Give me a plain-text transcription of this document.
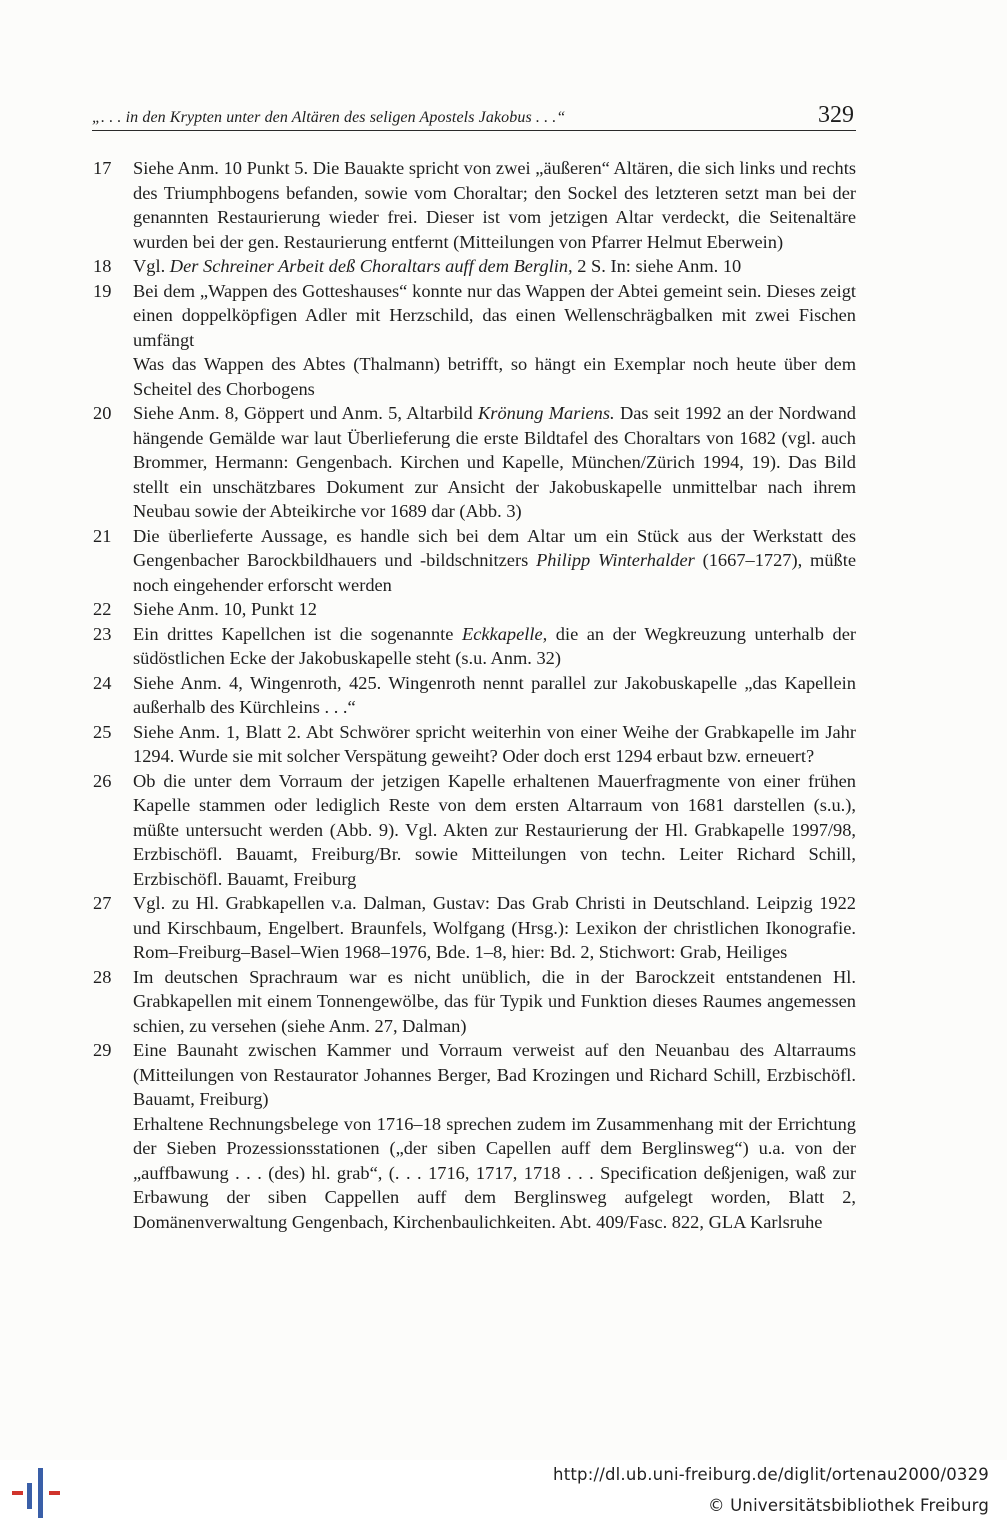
„. . . in den Krypten unter den Altären des seligen Apostels Jakobus . . .“	329
17	Siehe Anm. 10 Punkt 5. Die Bauakte spricht von zwei „äußeren“ Altären, die sich links und rechts des Triumphbogens befanden, sowie vom Choraltar; den Sockel des letzteren setzt man bei der genannten Restaurierung wieder frei. Dieser ist vom jetzigen Altar verdeckt, die Seitenaltäre wurden bei der gen. Restaurierung entfernt (Mitteilungen von Pfarrer Helmut Eberwein)

18	Vgl. Der Schreiner Arbeit deß Choraltars auff dem Berglin, 2 S. In: siehe Anm. 10

19	Bei dem „Wappen des Gotteshauses“ konnte nur das Wappen der Abtei gemeint sein. Dieses zeigt einen doppelköpfigen Adler mit Herzschild, das einen Wellenschrägbalken mit zwei Fischen umfängt

Was das Wappen des Abtes (Thalmann) betrifft, so hängt ein Exemplar noch heute über dem Scheitel des Chorbogens

20	Siehe Anm. 8, Göppert und Anm. 5, Altarbild Krönung Mariens. Das seit 1992 an der Nordwand hängende Gemälde war laut Überlieferung die erste Bildtafel des Choraltars von 1682 (vgl. auch Brommer, Hermann: Gengenbach. Kirchen und Kapelle, München/Zürich 1994, 19). Das Bild stellt ein unschätzbares Dokument zur Ansicht der Jakobuskapelle unmittelbar nach ihrem Neubau sowie der Abteikirche vor 1689 dar (Abb. 3)

21	Die überlieferte Aussage, es handle sich bei dem Altar um ein Stück aus der Werkstatt des Gengenbacher Barockbildhauers und -bildschnitzers Philipp Winterhalder (1667–1727), müßte noch eingehender erforscht werden

22	Siehe Anm. 10, Punkt 12

23	Ein drittes Kapellchen ist die sogenannte Eckkapelle, die an der Wegkreuzung unterhalb der südöstlichen Ecke der Jakobuskapelle steht (s.u. Anm. 32)

24	Siehe Anm. 4, Wingenroth, 425. Wingenroth nennt parallel zur Jakobuskapelle „das Kapellein außerhalb des Kürchleins . . .“

25	Siehe Anm. 1, Blatt 2. Abt Schwörer spricht weiterhin von einer Weihe der Grabkapelle im Jahr 1294. Wurde sie mit solcher Verspätung geweiht? Oder doch erst 1294 erbaut bzw. erneuert?

26	Ob die unter dem Vorraum der jetzigen Kapelle erhaltenen Mauerfragmente von einer frühen Kapelle stammen oder lediglich Reste von dem ersten Altarraum von 1681 darstellen (s.u.), müßte untersucht werden (Abb. 9). Vgl. Akten zur Restaurierung der Hl. Grabkapelle 1997/98, Erzbischöfl. Bauamt, Freiburg/Br. sowie Mitteilungen von techn. Leiter Richard Schill, Erzbischöfl. Bauamt, Freiburg

27	Vgl. zu Hl. Grabkapellen v.a. Dalman, Gustav: Das Grab Christi in Deutschland. Leipzig 1922 und Kirschbaum, Engelbert. Braunfels, Wolfgang (Hrsg.): Lexikon der christlichen Ikonografie. Rom–Freiburg–Basel–Wien 1968–1976, Bde. 1–8, hier: Bd. 2, Stichwort: Grab, Heiliges

28	Im deutschen Sprachraum war es nicht unüblich, die in der Barockzeit entstandenen Hl. Grabkapellen mit einem Tonnengewölbe, das für Typik und Funktion dieses Raumes angemessen schien, zu versehen (siehe Anm. 27, Dalman)

29	Eine Baunaht zwischen Kammer und Vorraum verweist auf den Neuanbau des Altarraums (Mitteilungen von Restaurator Johannes Berger, Bad Krozingen und Richard Schill, Erzbischöfl. Bauamt, Freiburg)

Erhaltene Rechnungsbelege von 1716–18 sprechen zudem im Zusammenhang mit der Errichtung der Sieben Prozessionsstationen („der siben Capellen auff dem Berglinsweg“) u.a. von der „auffbawung . . . (des) hl. grab“, (. . . 1716, 1717, 1718 . . . Specification deßjenigen, waß zur Erbawung der siben Cappellen auff dem Berglinsweg aufgelegt worden, Blatt 2, Domänenverwaltung Gengenbach, Kirchenbaulichkeiten. Abt. 409/Fasc. 822, GLA Karlsruhe

http://dl.ub.uni-freiburg.de/diglit/ortenau2000/0329
© Universitätsbibliothek Freiburg
